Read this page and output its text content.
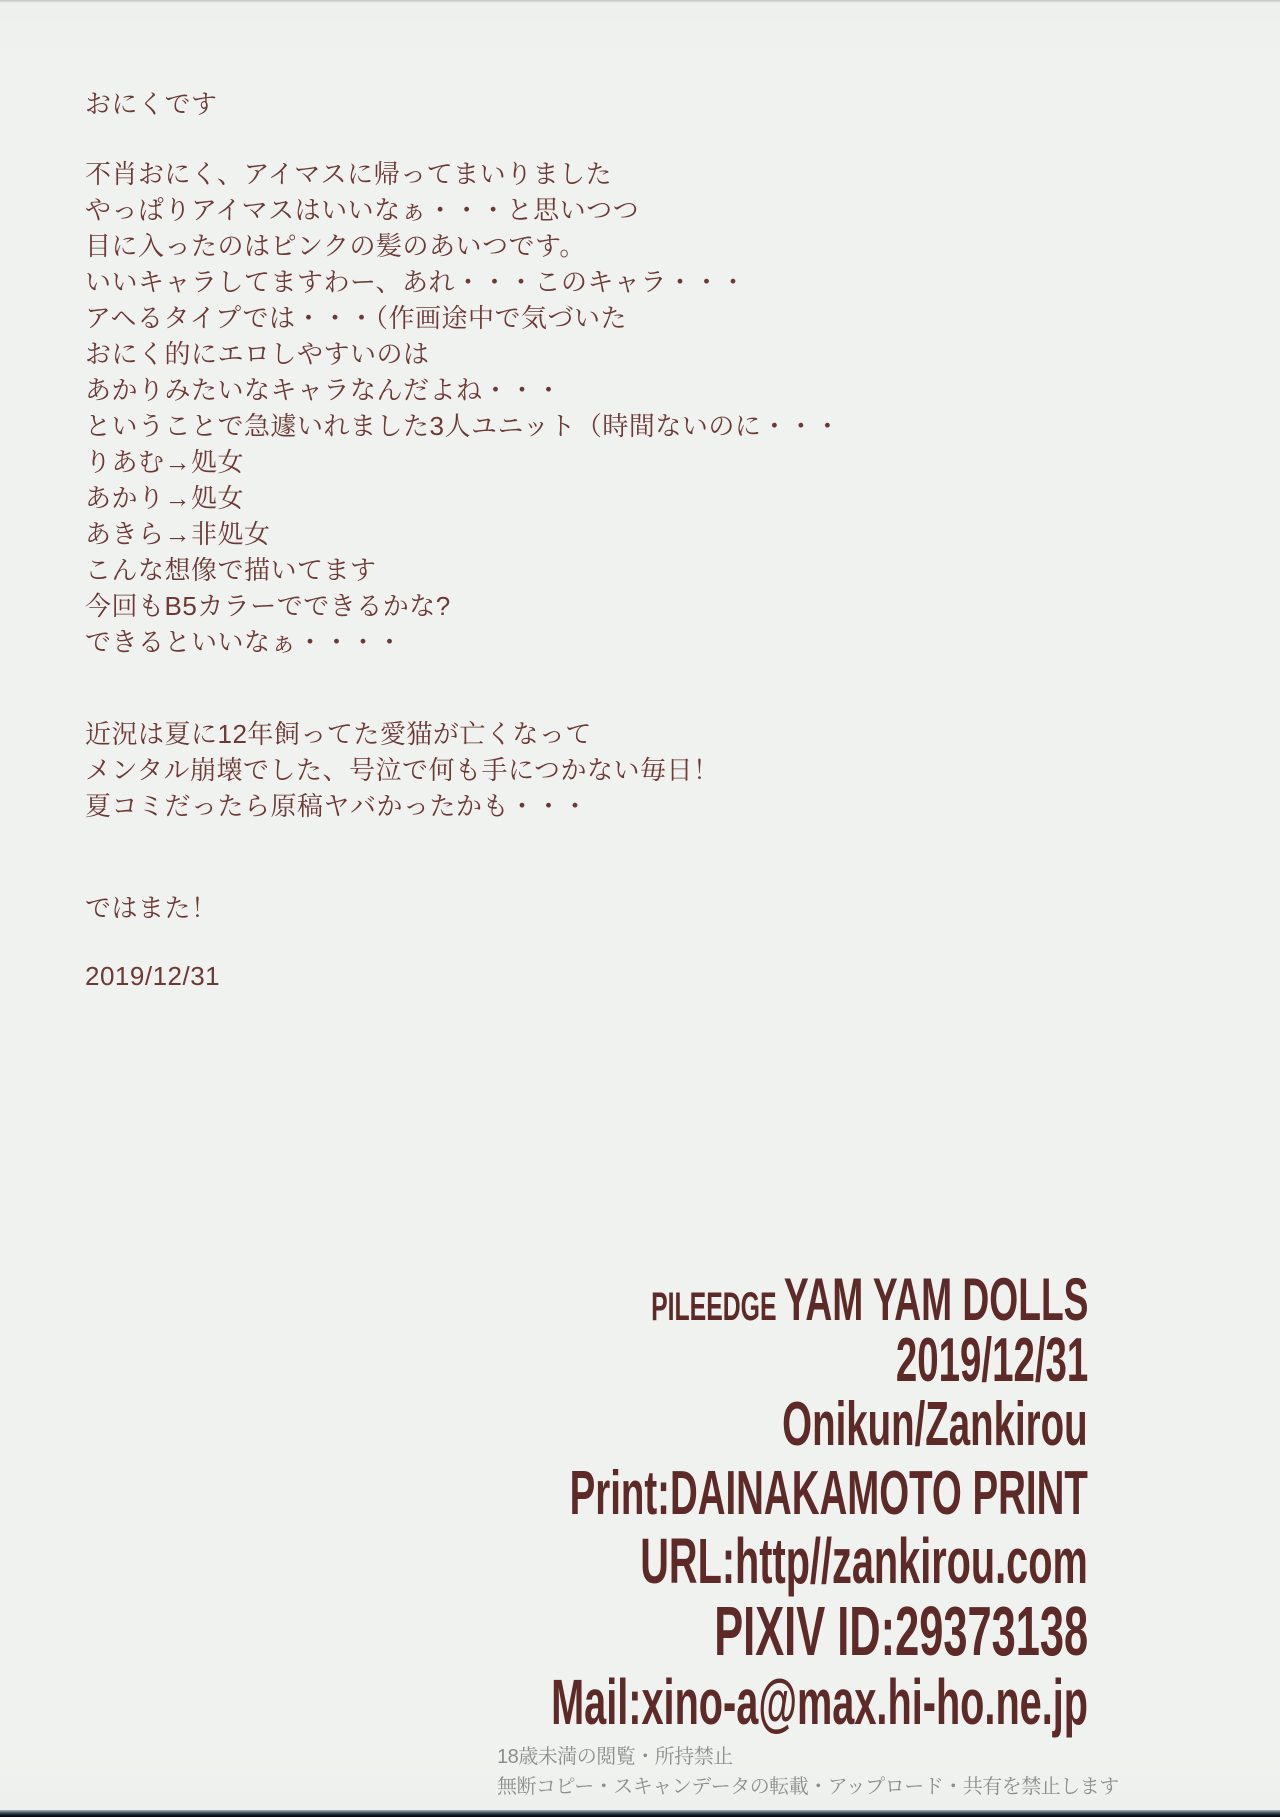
おにくです
不肖おにく、アイマスに帰ってまいりました
やっぱりアイマスはいいなぁ・・・と思いつつ
目に入ったのはピンクの髪のあいつです。
いいキャラしてますわー、あれ・・・このキャラ・・・
アヘるタイプでは・・・（作画途中で気づいた
おにく的にエロしやすいのは
あかりみたいなキャラなんだよね・・・
ということで急遽いれました3人ユニット（時間ないのに・・・
りあむ→処女
あかり→処女
あきら→非処女
こんな想像で描いてます
今回もB5カラーでできるかな?
できるといいなぁ・・・・
近況は夏に12年飼ってた愛猫が亡くなって
メンタル崩壊でした、号泣で何も手につかない毎日！
夏コミだったら原稿ヤバかったかも・・・
ではまた！
2019/12/31
PILEEDGE YAM YAM DOLLS
2019/12/31
Onikun/Zankirou
Print:DAINAKAMOTO PRINT
URL:http//zankirou.com
PIXIV ID:29373138
Mail:xino-a@max.hi-ho.ne.jp
18歳未満の閲覧・所持禁止
無断コピー・スキャンデータの転載・アップロード・共有を禁止します
